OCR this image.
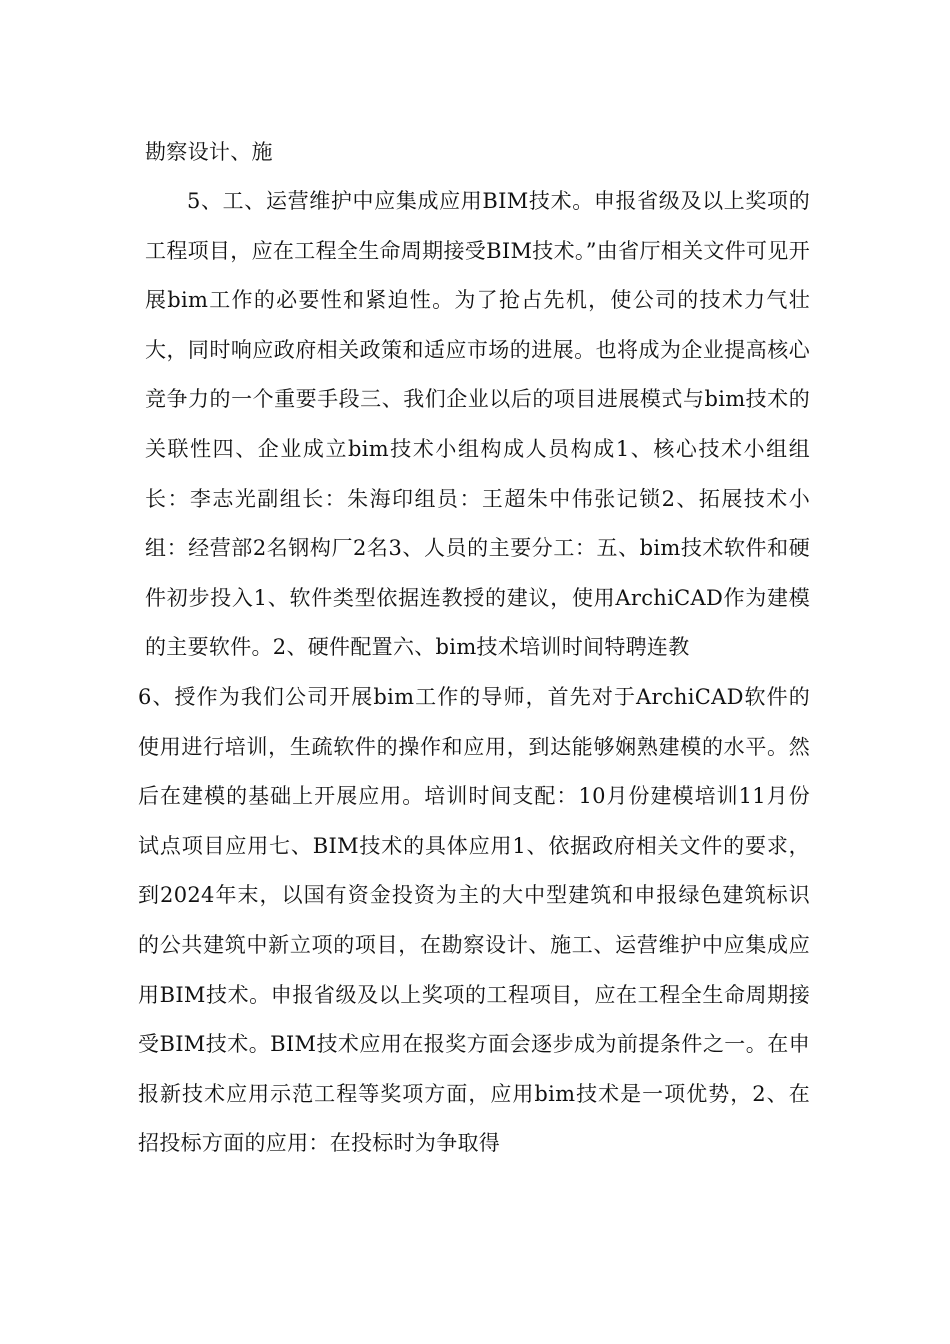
勘察设计、施

5、工、运营维护中应集成应用BIM技术。申报省级及以上奖项的工程项目，应在工程全生命周期接受BIM技术。”由省厅相关文件可见开展bim工作的必要性和紧迫性。为了抢占先机，使公司的技术力气壮大，同时响应政府相关政策和适应市场的进展。也将成为企业提高核心竞争力的一个重要手段三、我们企业以后的项目进展模式与bim技术的关联性四、企业成立bim技术小组构成人员构成1、核心技术小组组长：李志光副组长：朱海印组员：王超朱中伟张记锁2、拓展技术小组：经营部2名钢构厂2名3、人员的主要分工：五、bim技术软件和硬件初步投入1、软件类型依据连教授的建议，使用ArchiCAD作为建模的主要软件。2、硬件配置六、bim技术培训时间特聘连教

6、授作为我们公司开展bim工作的导师，首先对于ArchiCAD软件的使用进行培训，生疏软件的操作和应用，到达能够娴熟建模的水平。然后在建模的基础上开展应用。培训时间支配：10月份建模培训11月份试点项目应用七、BIM技术的具体应用1、依据政府相关文件的要求，到2024年末，以国有资金投资为主的大中型建筑和申报绿色建筑标识的公共建筑中新立项的项目，在勘察设计、施工、运营维护中应集成应用BIM技术。申报省级及以上奖项的工程项目，应在工程全生命周期接受BIM技术。BIM技术应用在报奖方面会逐步成为前提条件之一。在申报新技术应用示范工程等奖项方面，应用bim技术是一项优势，2、在招投标方面的应用：在投标时为争取得
